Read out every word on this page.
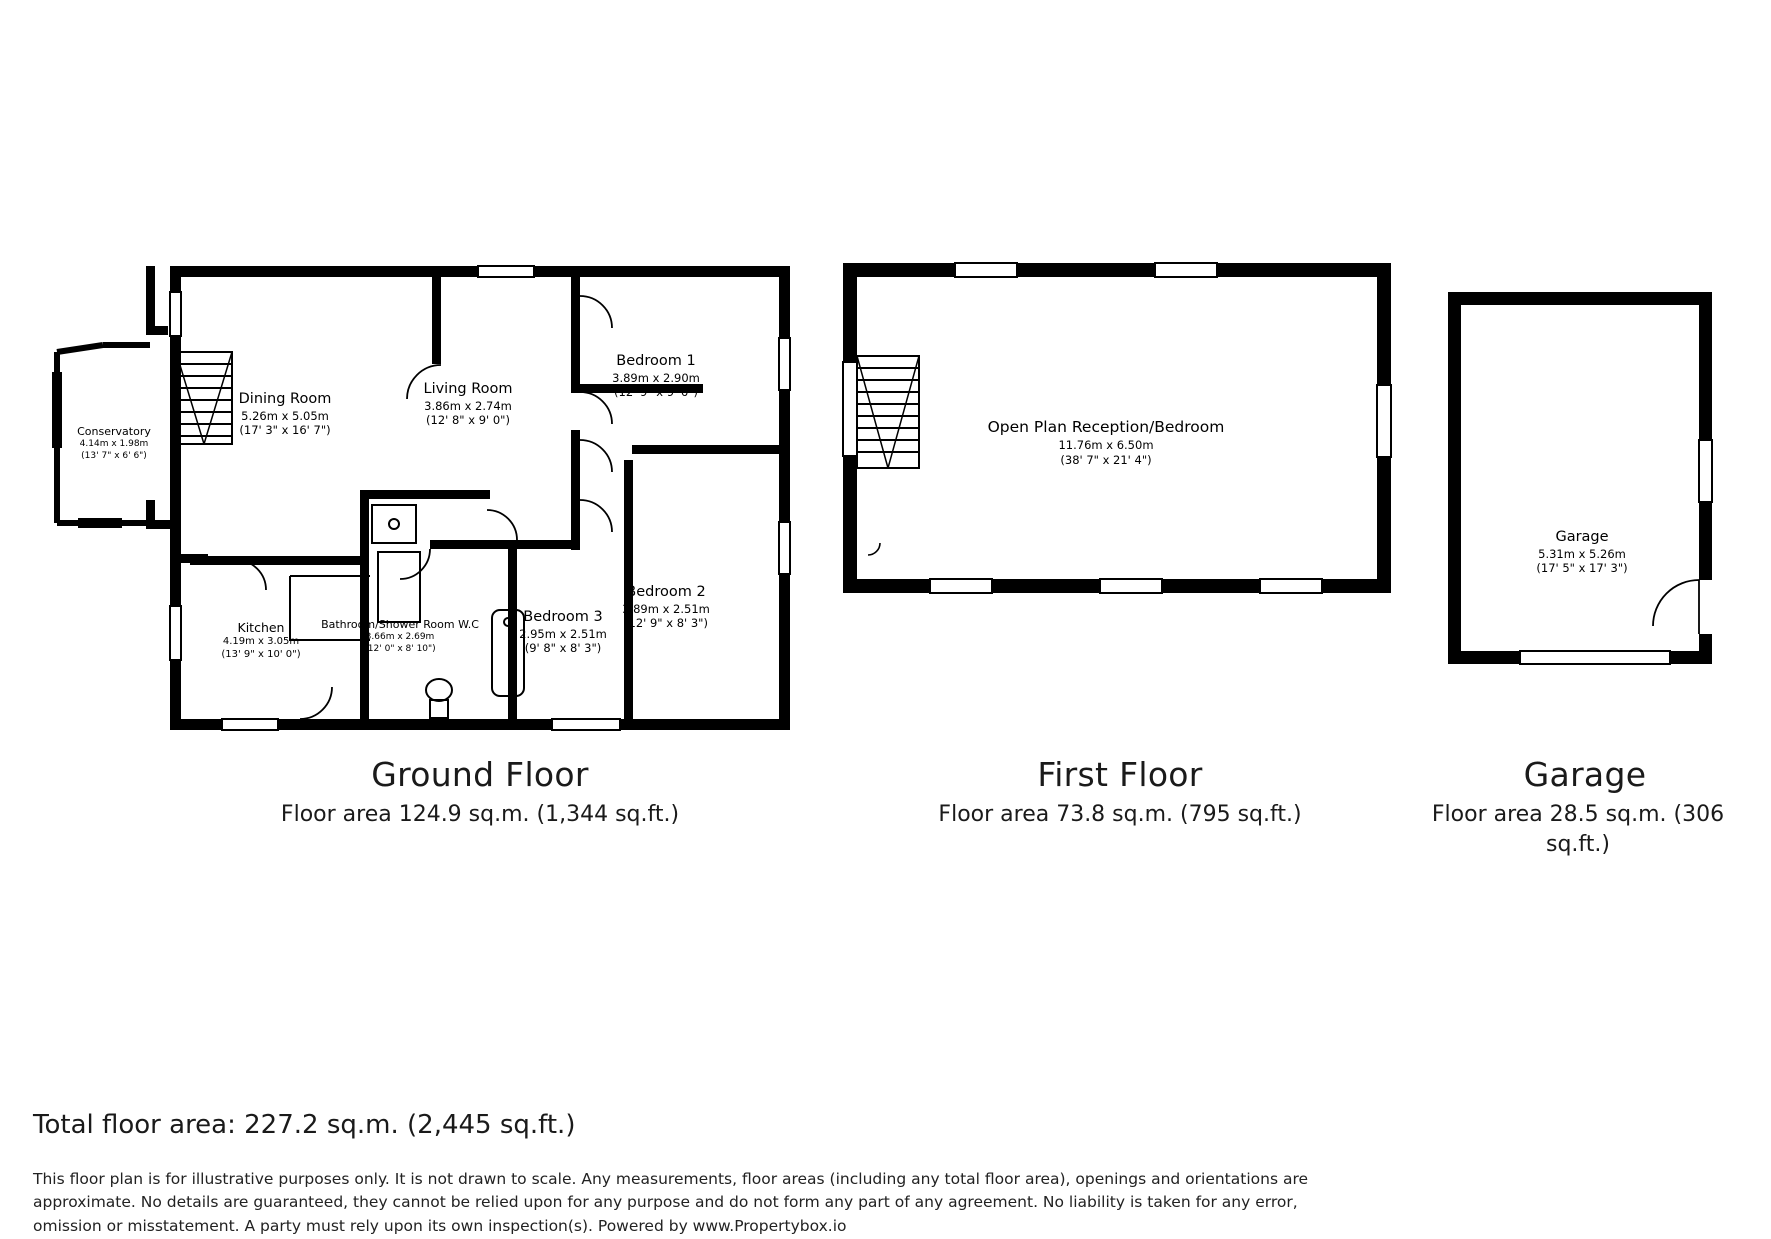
Conservatory
4.14m x 1.98m
(13' 7" x 6' 6")
Dining Room
5.26m x 5.05m
(17' 3" x 16' 7")
Living Room
3.86m x 2.74m
(12' 8" x 9' 0")
Bedroom 1
3.89m x 2.90m
(12' 9" x 9' 6")
Bedroom 2
3.89m x 2.51m
(12' 9" x 8' 3")
Bedroom 3
2.95m x 2.51m
(9' 8" x 8' 3")
Bathroom/Shower Room W.C
3.66m x 2.69m
(12' 0" x 8' 10")
Kitchen
4.19m x 3.05m
(13' 9" x 10' 0")
Open Plan Reception/Bedroom
11.76m x 6.50m
(38' 7" x 21' 4")
Garage
5.31m x 5.26m
(17' 5" x 17' 3")
Ground Floor
Floor area 124.9 sq.m. (1,344 sq.ft.)
First Floor
Floor area 73.8 sq.m. (795 sq.ft.)
Garage
Floor area 28.5 sq.m. (306 sq.ft.)
Total floor area: 227.2 sq.m. (2,445 sq.ft.)
This floor plan is for illustrative purposes only. It is not drawn to scale. Any measurements, floor areas (including any total floor area), openings and orientations are approximate. No details are guaranteed, they cannot be relied upon for any purpose and do not form any part of any agreement. No liability is taken for any error, omission or misstatement. A party must rely upon its own inspection(s). Powered by www.Propertybox.io
